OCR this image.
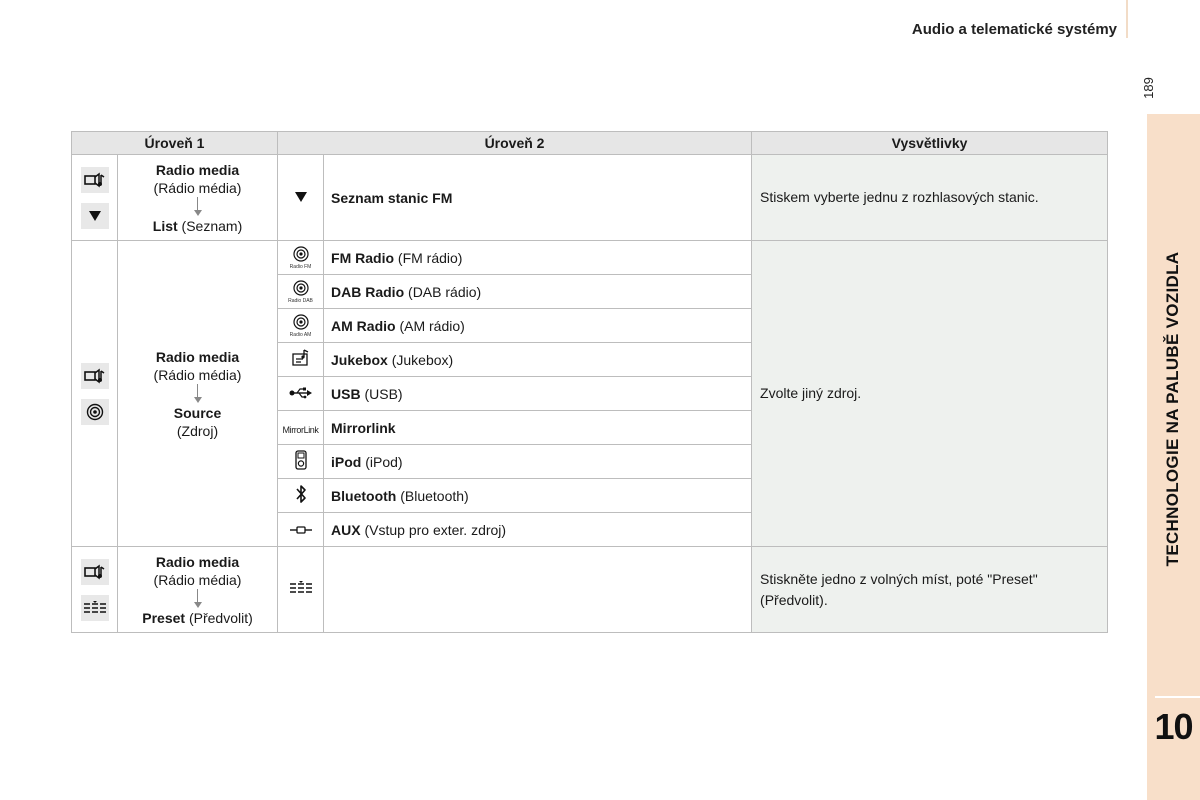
Audio a telematické systémy
189
TECHNOLOGIE NA PALUBĚ VOZIDLA
10
Úroveň 1		Úroveň 2		Vysvětlivky

Radio media
(Rádio média)
List (Seznam)		Seznam stanic FM	Stiskem vyberte jednu z rozhlasových stanic.

Radio media
(Rádio média)
Source
(Zdroj)	Radio FM	FM Radio (FM rádio)	Zvolte jiný zdroj.

		Radio DAB	DAB Radio (DAB rádio)	

		Radio AM	AM Radio (AM rádio)	
	Jukebox (Jukebox)	
	USB (USB)	
		MirrorLink	Mirrorlink	
	iPod (iPod)	
	Bluetooth (Bluetooth)	
	AUX (Vstup pro exter. zdroj)	

Radio media
(Rádio média)
Preset (Předvolit)			Stiskněte jedno z volných míst, poté "Preset" (Předvolit).
